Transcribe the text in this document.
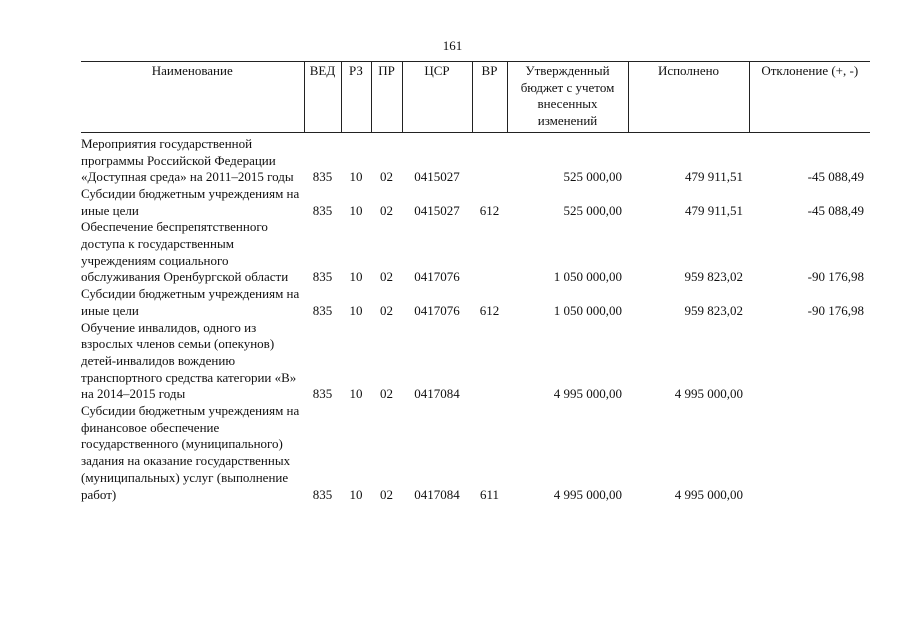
161
Наименование	ВЕД	РЗ	ПР	ЦСР	ВР	Утвержденный бюджет с учетом внесенных изменений	Исполнено	Отклонение (+, -)
Мероприятия государственной программы Российской Федерации «Доступная среда» на 2011–2015 годы	835	10	02	0415027		525 000,00	479 911,51	-45 088,49
Субсидии бюджетным учреждениям на иные цели	835	10	02	0415027	612	525 000,00	479 911,51	-45 088,49
Обеспечение беспрепятственного доступа к государственным учреждениям социального обслуживания Оренбургской области	835	10	02	0417076		1 050 000,00	959 823,02	-90 176,98
Субсидии бюджетным учреждениям на иные цели	835	10	02	0417076	612	1 050 000,00	959 823,02	-90 176,98
Обучение инвалидов, одного из взрослых членов семьи (опекунов) детей-инвалидов вождению транспортного средства категории «В» на 2014–2015 годы	835	10	02	0417084		4 995 000,00	4 995 000,00	
Субсидии бюджетным учреждениям на финансовое обеспечение государственного (муниципального) задания на оказание государственных (муниципальных) услуг (выполнение работ)	835	10	02	0417084	611	4 995 000,00	4 995 000,00	
